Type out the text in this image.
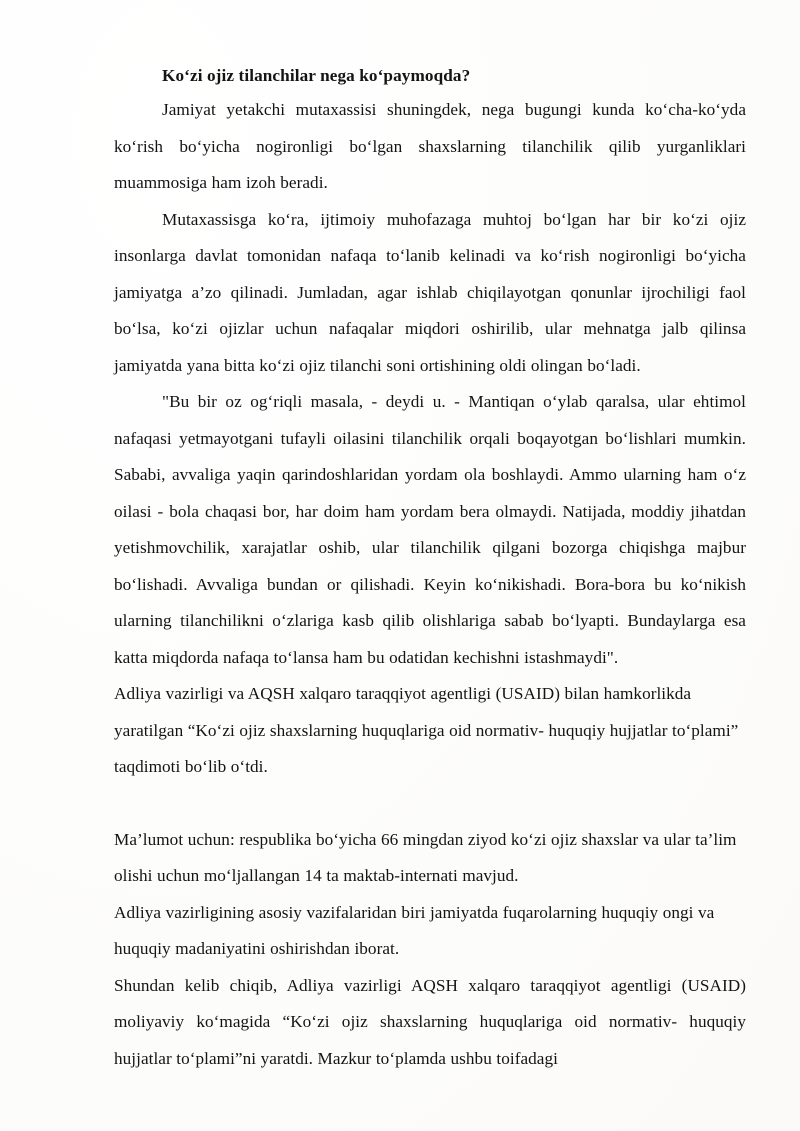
Ko‘zi ojiz tilanchilar nega ko‘paymoqda?

Jamiyat yetakchi mutaxassisi shuningdek, nega bugungi kunda ko‘cha-ko‘yda ko‘rish bo‘yicha nogironligi bo‘lgan shaxslarning tilanchilik qilib yurganliklari muammosiga ham izoh beradi.

Mutaxassisga ko‘ra, ijtimoiy muhofazaga muhtoj bo‘lgan har bir ko‘zi ojiz insonlarga davlat tomonidan nafaqa to‘lanib kelinadi va ko‘rish nogironligi bo‘yicha jamiyatga a’zo qilinadi. Jumladan, agar ishlab chiqilayotgan qonunlar ijrochiligi faol bo‘lsa, ko‘zi ojizlar uchun nafaqalar miqdori oshirilib, ular mehnatga jalb qilinsa jamiyatda yana bitta ko‘zi ojiz tilanchi soni ortishining oldi olingan bo‘ladi.

"Bu bir oz og‘riqli masala, - deydi u. - Mantiqan o‘ylab qaralsa, ular ehtimol nafaqasi yetmayotgani tufayli oilasini tilanchilik orqali boqayotgan bo‘lishlari mumkin. Sababi, avvaliga yaqin qarindoshlaridan yordam ola boshlaydi. Ammo ularning ham o‘z oilasi - bola chaqasi bor, har doim ham yordam bera olmaydi. Natijada, moddiy jihatdan yetishmovchilik, xarajatlar oshib, ular tilanchilik qilgani bozorga chiqishga majbur bo‘lishadi. Avvaliga bundan or qilishadi. Keyin ko‘nikishadi. Bora-bora bu ko‘nikish ularning tilanchilikni o‘zlariga kasb qilib olishlariga sabab bo‘lyapti. Bundaylarga esa katta miqdorda nafaqa to‘lansa ham bu odatidan kechishni istashmaydi".

Adliya vazirligi va AQSH xalqaro taraqqiyot agentligi (USAID) bilan hamkorlikda yaratilgan “Ko‘zi ojiz shaxslarning huquqlariga oid normativ- huquqiy hujjatlar to‘plami” taqdimoti bo‘lib o‘tdi.

Ma’lumot uchun: respublika bo‘yicha 66 mingdan ziyod ko‘zi ojiz shaxslar va ular ta’lim olishi uchun mo‘ljallangan 14 ta maktab-internati mavjud.

Adliya vazirligining asosiy vazifalaridan biri jamiyatda fuqarolarning huquqiy ongi va huquqiy madaniyatini oshirishdan iborat.

Shundan kelib chiqib, Adliya vazirligi AQSH xalqaro taraqqiyot agentligi (USAID) moliyaviy ko‘magida “Ko‘zi ojiz shaxslarning huquqlariga oid normativ- huquqiy hujjatlar to‘plami”ni yaratdi. Mazkur to‘plamda ushbu toifadagi
